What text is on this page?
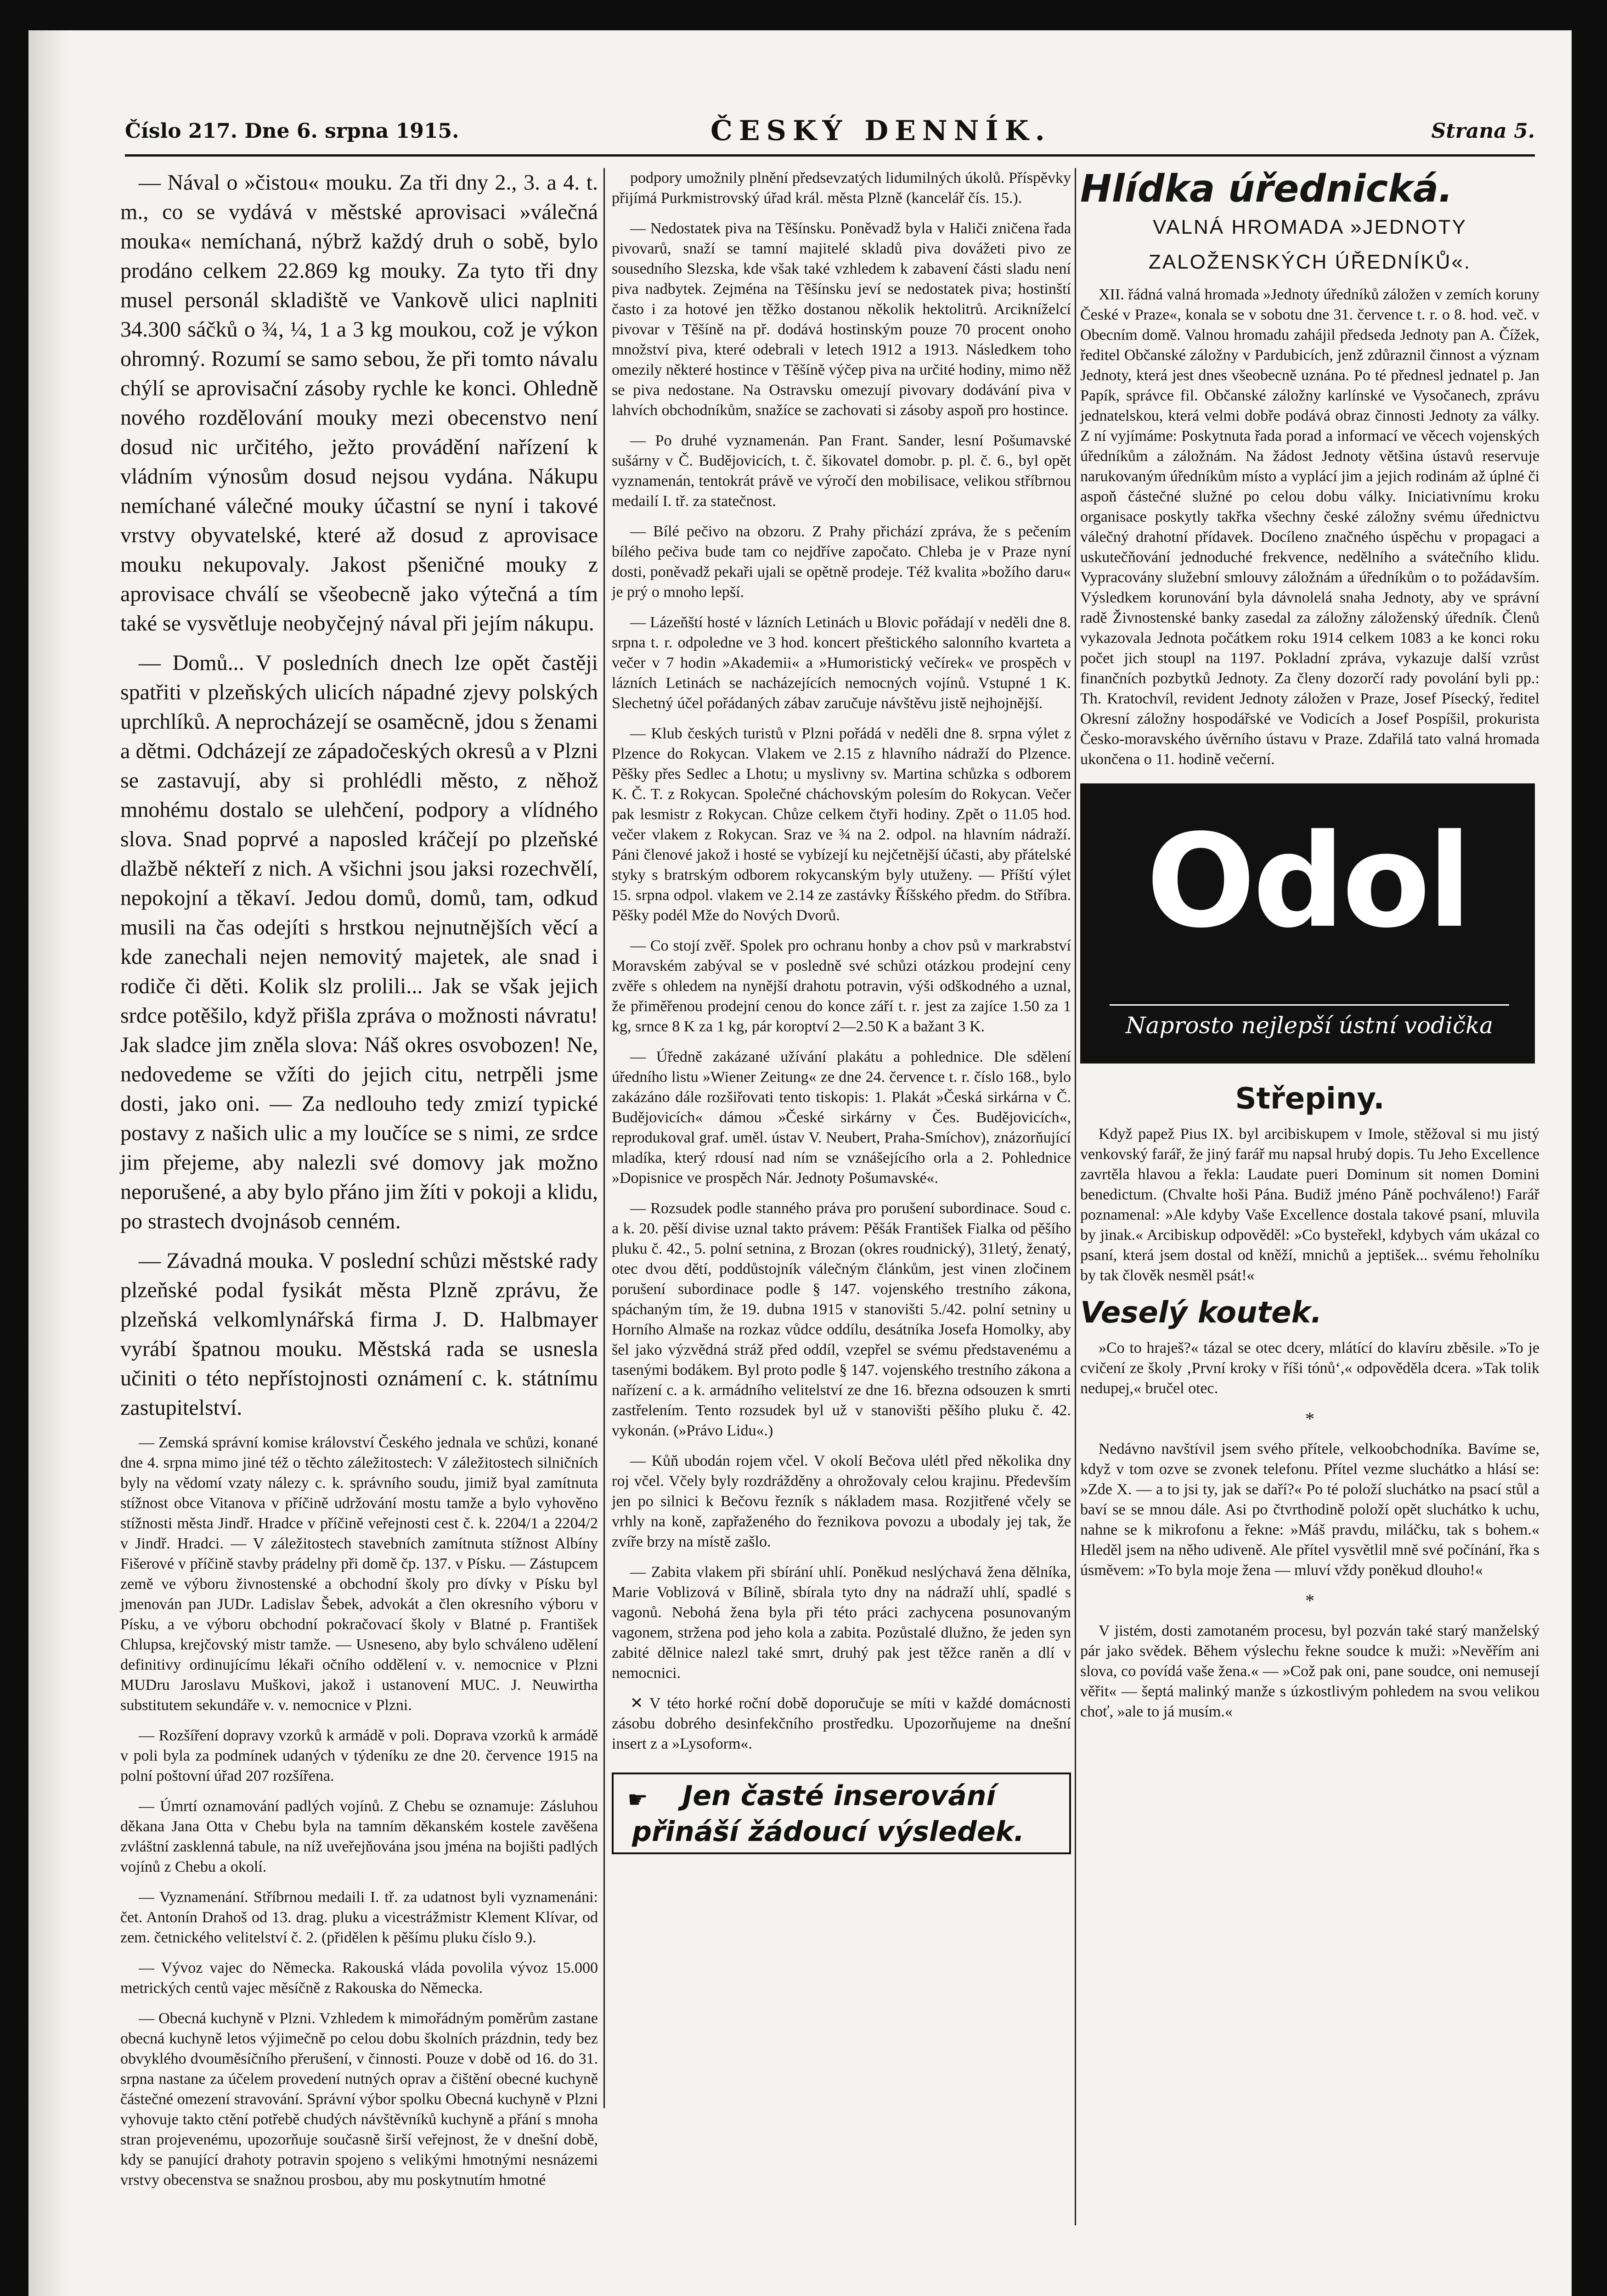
Číslo 217. Dne 6. srpna 1915.	ČESKÝ DENNÍK.	Strana 5.

— Nával o »čistou« mouku. Za tři dny 2., 3. a 4. t. m., co se vydává v městské aprovisaci »válečná mouka« nemíchaná, nýbrž každý druh o sobě, bylo prodáno celkem 22.869 kg mouky. Za tyto tři dny musel personál skladiště ve Vankově ulici naplniti 34.300 sáčků o ¾, ¼, 1 a 3 kg moukou, což je výkon ohromný. Rozumí se samo sebou, že při tomto návalu chýlí se aprovisační zásoby rychle ke konci. Ohledně nového rozdělování mouky mezi obecenstvo není dosud nic určitého, ježto provádění nařízení k vládním výnosům dosud nejsou vydána. Nákupu nemíchané válečné mouky účastní se nyní i takové vrstvy obyvatelské, které až dosud z aprovisace mouku nekupovaly. Jakost pšeničné mouky z aprovisace chválí se všeobecně jako výtečná a tím také se vysvětluje neobyčejný nával při jejím nákupu.

— Domů... V posledních dnech lze opět častěji spatřiti v plzeňských ulicích nápadné zjevy polských uprchlíků. A neprocházejí se osaměcně, jdou s ženami a dětmi. Odcházejí ze západočeských okresů a v Plzni se zastavují, aby si prohlédli město, z něhož mnohému dostalo se ulehčení, podpory a vlídného slova. Snad poprvé a naposled kráčejí po plzeňské dlažbě nékteří z nich. A všichni jsou jaksi rozechvělí, nepokojní a těkaví. Jedou domů, domů, tam, odkud musili na čas odejíti s hrstkou nejnutnějších věcí a kde zanechali nejen nemovitý majetek, ale snad i rodiče či děti. Kolik slz prolili... Jak se však jejich srdce potěšilo, když přišla zpráva o možnosti návratu! Jak sladce jim zněla slova: Náš okres osvobozen! Ne, nedovedeme se vžíti do jejich citu, netrpěli jsme dosti, jako oni. — Za nedlouho tedy zmizí typické postavy z našich ulic a my loučíce se s nimi, ze srdce jim přejeme, aby nalezli své domovy jak možno neporušené, a aby bylo přáno jim žíti v pokoji a klidu, po strastech dvojnásob cenném.

— Závadná mouka. V poslední schůzi městské rady plzeňské podal fysikát města Plzně zprávu, že plzeňská velkomlynářská firma J. D. Halbmayer vyrábí špatnou mouku. Městská rada se usnesla učiniti o této nepřístojnosti oznámení c. k. státnímu zastupitelství.

— Zemská správní komise království Českého jednala ve schůzi, konané dne 4. srpna mimo jiné též o těchto záležitostech: V záležitostech silničních byly na vědomí vzaty nálezy c. k. správního soudu, jimiž byal zamítnuta stížnost obce Vitanova v příčině udržování mostu tamže a bylo vyhověno stížnosti města Jindř. Hradce v příčině veřejnosti cest č. k. 2204/1 a 2204/2 v Jindř. Hradci. — V záležitostech stavebních zamítnuta stížnost Albíny Fišerové v příčině stavby prádelny při domě čp. 137. v Písku. — Zástupcem země ve výboru živnostenské a obchodní školy pro dívky v Písku byl jmenován pan JUDr. Ladislav Šebek, advokát a člen okresního výboru v Písku, a ve výboru obchodní pokračovací školy v Blatné p. František Chlupsa, krejčovský mistr tamže. — Usneseno, aby bylo schváleno udělení definitivy ordinujícímu lékaři očního oddělení v. v. nemocnice v Plzni MUDru Jaroslavu Muškovi, jakož i ustanovení MUC. J. Neuwirtha substitutem sekundáře v. v. nemocnice v Plzni.

— Rozšíření dopravy vzorků k armádě v poli. Doprava vzorků k armádě v poli byla za podmínek udaných v týdeníku ze dne 20. července 1915 na polní poštovní úřad 207 rozšířena.

— Úmrtí oznamování padlých vojínů. Z Chebu se oznamuje: Zásluhou děkana Jana Otta v Chebu byla na tamním děkanském kostele zavěšena zvláštní zasklenná tabule, na níž uveřejňována jsou jména na bojišti padlých vojínů z Chebu a okolí.

— Vyznamenání. Stříbrnou medaili I. tř. za udatnost byli vyznamenáni: čet. Antonín Drahoš od 13. drag. pluku a vicestrážmistr Klement Klívar, od zem. četnického velitelství č. 2. (přidělen k pěšímu pluku číslo 9.).

— Vývoz vajec do Německa. Rakouská vláda povolila vývoz 15.000 metrických centů vajec měsíčně z Rakouska do Německa.

— Obecná kuchyně v Plzni. Vzhledem k mimořádným poměrům zastane obecná kuchyně letos výjimečně po celou dobu školních prázdnin, tedy bez obvyklého dvouměsíčního přerušení, v činnosti. Pouze v době od 16. do 31. srpna nastane za účelem provedení nutných oprav a čištění obecné kuchyně částečné omezení stravování. Správní výbor spolku Obecná kuchyně v Plzni vyhovuje takto ctění potřebě chudých návštěvníků kuchyně a přání s mnoha stran projevenému, upozorňuje současně širší veřejnost, že v dnešní době, kdy se panující drahoty potravin spojeno s velikými hmotnými nesnázemi vrstvy obecenstva se snažnou prosbou, aby mu poskytnutím hmotné

podpory umožnily plnění předsevzatých lidumilných úkolů. Příspěvky přijímá Purkmistrovský úřad král. města Plzně (kancelář čís. 15.).

— Nedostatek piva na Těšínsku. Poněvadž byla v Haliči zničena řada pivovarů, snaží se tamní majitelé skladů piva dovážeti pivo ze sousedního Slezska, kde však také vzhledem k zabavení části sladu není piva nadbytek. Zejména na Těšínsku jeví se nedostatek piva; hostinští často i za hotové jen těžko dostanou několik hektolitrů. Arcikníželcí pivovar v Těšíně na př. dodává hostinským pouze 70 procent onoho množství piva, které odebrali v letech 1912 a 1913. Následkem toho omezily některé hostince v Těšíně výčep piva na určité hodiny, mimo něž se piva nedostane. Na Ostravsku omezují pivovary dodávání piva v lahvích obchodníkům, snažíce se zachovati si zásoby aspoň pro hostince.

— Po druhé vyznamenán. Pan Frant. Sander, lesní Pošumavské sušárny v Č. Budějovicích, t. č. šikovatel domobr. p. pl. č. 6., byl opět vyznamenán, tentokrát právě ve výročí den mobilisace, velikou stříbrnou medailí I. tř. za statečnost.

— Bílé pečivo na obzoru. Z Prahy přichází zpráva, že s pečením bílého pečiva bude tam co nejdříve započato. Chleba je v Praze nyní dosti, poněvadž pekaři ujali se opětně prodeje. Též kvalita »božího daru« je prý o mnoho lepší.

— Lázeňští hosté v lázních Letinách u Blovic pořádají v neděli dne 8. srpna t. r. odpoledne ve 3 hod. koncert přeštického salonního kvarteta a večer v 7 hodin »Akademii« a »Humoristický večírek« ve prospěch v lázních Letinách se nacházejících nemocných vojínů. Vstupné 1 K. Slechetný účel pořádaných zábav zaručuje návštěvu jistě nejhojnější.

— Klub českých turistů v Plzni pořádá v neděli dne 8. srpna výlet z Plzence do Rokycan. Vlakem ve 2.15 z hlavního nádraží do Plzence. Pěšky přes Sedlec a Lhotu; u myslivny sv. Martina schůzka s odborem K. Č. T. z Rokycan. Společné cháchovským polesím do Rokycan. Večer pak lesmistr z Rokycan. Chůze celkem čtyři hodiny. Zpět o 11.05 hod. večer vlakem z Rokycan. Sraz ve ¾ na 2. odpol. na hlavním nádraží. Páni členové jakož i hosté se vybízejí ku nejčetnější účasti, aby přátelské styky s bratrským odborem rokycanským byly utuženy. — Příští výlet 15. srpna odpol. vlakem ve 2.14 ze zastávky Říšského předm. do Stříbra. Pěšky podél Mže do Nových Dvorů.

— Co stojí zvěř. Spolek pro ochranu honby a chov psů v markrabství Moravském zabýval se v posledně své schůzi otázkou prodejní ceny zvěře s ohledem na nynější drahotu potravin, výši odškodného a uznal, že přiměřenou prodejní cenou do konce září t. r. jest za zajíce 1.50 za 1 kg, srnce 8 K za 1 kg, pár koroptví 2—2.50 K a bažant 3 K.

— Úředně zakázané užívání plakátu a pohlednice. Dle sdělení úředního listu »Wiener Zeitung« ze dne 24. července t. r. číslo 168., bylo zakázáno dále rozšiřovati tento tiskopis: 1. Plakát »Česká sirkárna v Č. Budějovicích« dámou »České sirkárny v Čes. Budějovicích«, reprodukoval graf. uměl. ústav V. Neubert, Praha-Smíchov), znázorňující mladíka, který rdousí nad ním se vznášejícího orla a 2. Pohlednice »Dopisnice ve prospěch Nár. Jednoty Pošumavské«.

— Rozsudek podle stanného práva pro porušení subordinace. Soud c. a k. 20. pěší divise uznal takto právem: Pěšák František Fialka od pěšího pluku č. 42., 5. polní setnina, z Brozan (okres roudnický), 31letý, ženatý, otec dvou dětí, poddůstojník válečným článkům, jest vinen zločinem porušení subordinace podle § 147. vojenského trestního zákona, spáchaným tím, že 19. dubna 1915 v stanovišti 5./42. polní setniny u Horního Almaše na rozkaz vůdce oddílu, desátníka Josefa Homolky, aby šel jako výzvědná stráž před oddíl, vzepřel se svému představenému a tasenými bodákem. Byl proto podle § 147. vojenského trestního zákona a nařízení c. a k. armádního velitelství ze dne 16. března odsouzen k smrti zastřelením. Tento rozsudek byl už v stanovišti pěšího pluku č. 42. vykonán. (»Právo Lidu«.)

— Kůň ubodán rojem včel. V okolí Bečova ulétl před několika dny roj včel. Včely byly rozdrážděny a ohrožovaly celou krajinu. Především jen po silnici k Bečovu řezník s nákladem masa. Rozjitřené včely se vrhly na koně, zapřaženého do řeznikova povozu a ubodaly jej tak, že zvíře brzy na místě zašlo.

— Zabita vlakem při sbírání uhlí. Poněkud neslýchavá žena dělníka, Marie Voblizová v Bílině, sbírala tyto dny na nádraží uhlí, spadlé s vagonů. Nebohá žena byla při této práci zachycena posunovaným vagonem, stržena pod jeho kola a zabita. Pozůstalé dlužno, že jeden syn zabité dělnice nalezl také smrt, druhý pak jest těžce raněn a dlí v nemocnici.

✕ V této horké roční době doporučuje se míti v každé domácnosti zásobu dobrého desinfekčního prostředku. Upozorňujeme na dnešní insert z a »Lysoform«.

☛ Jen časté inserování
přináší žádoucí výsledek.
Hlídka úřednická.

VALNÁ HROMADA »JEDNOTY

ZALOŽENSKÝCH ÚŘEDNÍKŮ«.

XII. řádná valná hromada »Jednoty úředníků záložen v zemích koruny České v Praze«, konala se v sobotu dne 31. července t. r. o 8. hod. več. v Obecním domě. Valnou hromadu zahájil předseda Jednoty pan A. Čížek, ředitel Občanské záložny v Pardubicích, jenž zdůraznil činnost a význam Jednoty, která jest dnes všeobecně uznána. Po té přednesl jednatel p. Jan Papík, správce fil. Občanské záložny karlínské ve Vysočanech, zprávu jednatelskou, která velmi dobře podává obraz činnosti Jednoty za války. Z ní vyjímáme: Poskytnuta řada porad a informací ve věcech vojenských úředníkům a záložnám. Na žádost Jednoty většina ústavů reservuje narukovaným úředníkům místo a vyplácí jim a jejich rodinám až úplné či aspoň částečné služné po celou dobu války. Iniciativnímu kroku organisace poskytly takřka všechny české záložny svému úřednictvu válečný drahotní přídavek. Docíleno značného úspěchu v propagaci a uskutečňování jednoduché frekvence, nedělního a svátečního klidu. Vypracovány služební smlouvy záložnám a úředníkům o to požádavším. Výsledkem korunování byla dávnolelá snaha Jednoty, aby ve správní radě Živnostenské banky zasedal za záložny záloženský úředník. Členů vykazovala Jednota počátkem roku 1914 celkem 1083 a ke konci roku počet jich stoupl na 1197. Pokladní zpráva, vykazuje další vzrůst finančních pozbytků Jednoty. Za členy dozorčí rady povolání byli pp.: Th. Kratochvíl, revident Jednoty záložen v Praze, Josef Písecký, ředitel Okresní záložny hospodářské ve Vodicích a Josef Pospíšil, prokurista Česko-moravského úvěrního ústavu v Praze. Zdařilá tato valná hromada ukončena o 11. hodině večerní.

Odol
Naprosto nejlepší ústní vodička
Střepiny.

Když papež Pius IX. byl arcibiskupem v Imole, stěžoval si mu jistý venkovský farář, že jiný farář mu napsal hrubý dopis. Tu Jeho Excellence zavrtěla hlavou a řekla: Laudate pueri Dominum sit nomen Domini benedictum. (Chvalte hoši Pána. Budiž jméno Páně pochváleno!) Farář poznamenal: »Ale kdyby Vaše Excellence dostala takové psaní, mluvila by jinak.« Arcibiskup odpověděl: »Co bysteřekl, kdybych vám ukázal co psaní, která jsem dostal od kněží, mnichů a jeptišek... svému řeholníku by tak člověk nesměl psát!«

Veselý koutek.

»Co to hraješ?« tázal se otec dcery, mlátící do klavíru zběsile. »To je cvičení ze školy ‚První kroky v říši tónů‘,« odpověděla dcera. »Tak tolik nedupej,« bručel otec.

*

Nedávno navštívil jsem svého přítele, velkoobchodníka. Bavíme se, když v tom ozve se zvonek telefonu. Přítel vezme sluchátko a hlásí se: »Zde X. — a to jsi ty, jak se daří?« Po té položí sluchátko na psací stůl a baví se se mnou dále. Asi po čtvrthodině položí opět sluchátko k uchu, nahne se k mikrofonu a řekne: »Máš pravdu, miláčku, tak s bohem.« Hleděl jsem na něho udiveně. Ale přítel vysvětlil mně své počínání, řka s úsměvem: »To byla moje žena — mluví vždy poněkud dlouho!«

*

V jistém, dosti zamotaném procesu, byl pozván také starý manželský pár jako svědek. Během výslechu řekne soudce k muži: »Nevěřím ani slova, co povídá vaše žena.« — »Což pak oni, pane soudce, oni nemusejí věřit« — šeptá malinký manže s úzkostlivým pohledem na svou velikou choť, »ale to já musím.«
